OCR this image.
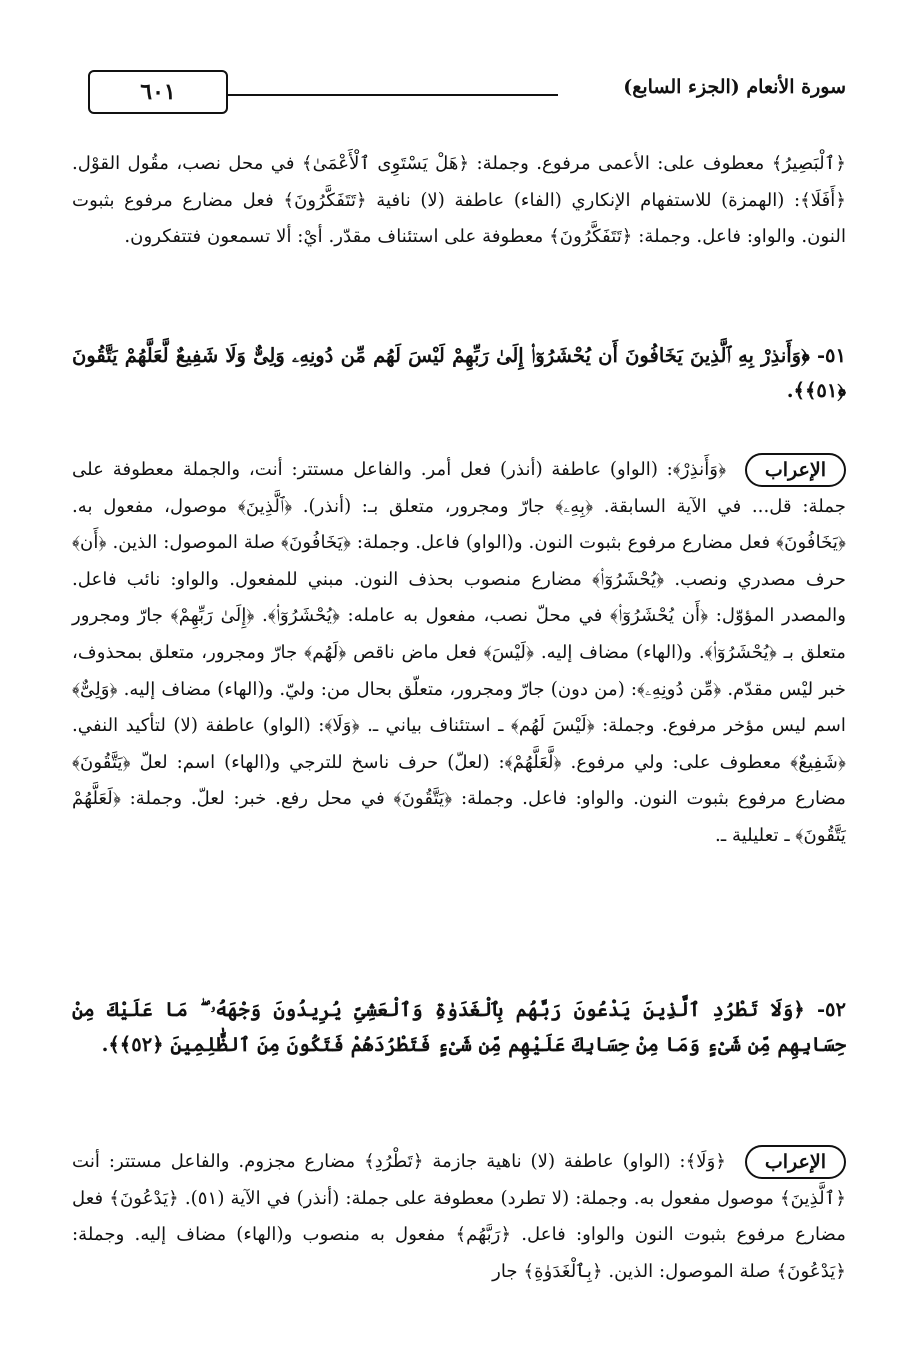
٦٠١	سورة الأنعام (الجزء السابع)
﴿ٱلْبَصِيرُ﴾ معطوف على: الأعمى مرفوع. وجملة: ﴿هَلْ يَسْتَوِى ٱلْأَعْمَىٰ﴾ في محل نصب، مقُول القوْل. ﴿أَفَلَا﴾: (الهمزة) للاستفهام الإنكاري (الفاء) عاطفة (لا) نافية ﴿تَتَفَكَّرُونَ﴾ فعل مضارع مرفوع بثبوت النون. والواو: فاعل. وجملة: ﴿تَتَفَكَّرُونَ﴾ معطوفة على استئناف مقدّر. أيْ: ألا تسمعون فتتفكرون.
٥١- ﴿وَأَنذِرْ بِهِ ٱلَّذِينَ يَخَافُونَ أَن يُحْشَرُوٓا۟ إِلَىٰ رَبِّهِمْ لَيْسَ لَهُم مِّن دُونِهِۦ وَلِىٌّ وَلَا شَفِيعٌ لَّعَلَّهُمْ يَتَّقُونَ ﴿٥١﴾﴾.
الإعراب ﴿وَأَنذِرْ﴾: (الواو) عاطفة (أنذر) فعل أمر. والفاعل مستتر: أنت، والجملة معطوفة على جملة: قل... في الآية السابقة. ﴿بِهِۦ﴾ جارّ ومجرور، متعلق بـ: (أنذر). ﴿ٱلَّذِينَ﴾ موصول، مفعول به. ﴿يَخَافُونَ﴾ فعل مضارع مرفوع بثبوت النون. و(الواو) فاعل. وجملة: ﴿يَخَافُونَ﴾ صلة الموصول: الذين. ﴿أَن﴾ حرف مصدري ونصب. ﴿يُحْشَرُوٓا۟﴾ مضارع منصوب بحذف النون. مبني للمفعول. والواو: نائب فاعل. والمصدر المؤوّل: ﴿أَن يُحْشَرُوٓا۟﴾ في محلّ نصب، مفعول به عامله: ﴿يُحْشَرُوٓا۟﴾. ﴿إِلَىٰ رَبِّهِمْ﴾ جارّ ومجرور متعلق بـ ﴿يُحْشَرُوٓا۟﴾. و(الهاء) مضاف إليه. ﴿لَيْسَ﴾ فعل ماض ناقص ﴿لَهُم﴾ جارّ ومجرور، متعلق بمحذوف، خبر ليْس مقدّم. ﴿مِّن دُونِهِۦ﴾: (من دون) جارّ ومجرور، متعلّق بحال من: وليّ. و(الهاء) مضاف إليه. ﴿وَلِىٌّ﴾ اسم ليس مؤخر مرفوع. وجملة: ﴿لَيْسَ لَهُم﴾ ـ استئناف بياني ـ. ﴿وَلَا﴾: (الواو) عاطفة (لا) لتأكيد النفي. ﴿شَفِيعٌ﴾ معطوف على: ولي مرفوع. ﴿لَّعَلَّهُمْ﴾: (لعلّ) حرف ناسخ للترجي و(الهاء) اسم: لعلّ ﴿يَتَّقُونَ﴾ مضارع مرفوع بثبوت النون. والواو: فاعل. وجملة: ﴿يَتَّقُونَ﴾ في محل رفع. خبر: لعلّ. وجملة: ﴿لَعَلَّهُمْ يَتَّقُونَ﴾ ـ تعليلية ـ.
٥٢- ﴿وَلَا تَطْرُدِ ٱلَّذِينَ يَدْعُونَ رَبَّهُم بِٱلْغَدَوٰةِ وَٱلْعَشِىِّ يُرِيدُونَ وَجْهَهُۥ ۖ مَا عَلَيْكَ مِنْ حِسَابِهِم مِّن شَىْءٍ وَمَا مِنْ حِسَابِكَ عَلَيْهِم مِّن شَىْءٍ فَتَطْرُدَهُمْ فَتَكُونَ مِنَ ٱلظَّٰلِمِينَ ﴿٥٢﴾﴾.
الإعراب ﴿وَلَا﴾: (الواو) عاطفة (لا) ناهية جازمة ﴿تَطْرُدِ﴾ مضارع مجزوم. والفاعل مستتر: أنت ﴿ٱلَّذِينَ﴾ موصول مفعول به. وجملة: (لا تطرد) معطوفة على جملة: (أنذر) في الآية (٥١). ﴿يَدْعُونَ﴾ فعل مضارع مرفوع بثبوت النون والواو: فاعل. ﴿رَبَّهُم﴾ مفعول به منصوب و(الهاء) مضاف إليه. وجملة: ﴿يَدْعُونَ﴾ صلة الموصول: الذين. ﴿بِٱلْغَدَوٰةِ﴾ جار
